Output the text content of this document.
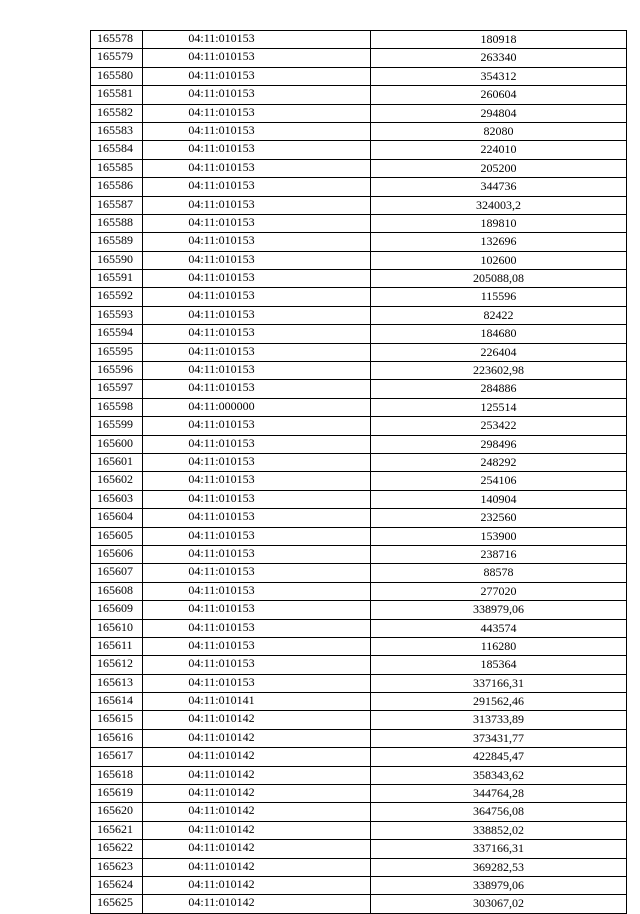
165578	04:11:010153	180918
165579	04:11:010153	263340
165580	04:11:010153	354312
165581	04:11:010153	260604
165582	04:11:010153	294804
165583	04:11:010153	82080
165584	04:11:010153	224010
165585	04:11:010153	205200
165586	04:11:010153	344736
165587	04:11:010153	324003,2
165588	04:11:010153	189810
165589	04:11:010153	132696
165590	04:11:010153	102600
165591	04:11:010153	205088,08
165592	04:11:010153	115596
165593	04:11:010153	82422
165594	04:11:010153	184680
165595	04:11:010153	226404
165596	04:11:010153	223602,98
165597	04:11:010153	284886
165598	04:11:000000	125514
165599	04:11:010153	253422
165600	04:11:010153	298496
165601	04:11:010153	248292
165602	04:11:010153	254106
165603	04:11:010153	140904
165604	04:11:010153	232560
165605	04:11:010153	153900
165606	04:11:010153	238716
165607	04:11:010153	88578
165608	04:11:010153	277020
165609	04:11:010153	338979,06
165610	04:11:010153	443574
165611	04:11:010153	116280
165612	04:11:010153	185364
165613	04:11:010153	337166,31
165614	04:11:010141	291562,46
165615	04:11:010142	313733,89
165616	04:11:010142	373431,77
165617	04:11:010142	422845,47
165618	04:11:010142	358343,62
165619	04:11:010142	344764,28
165620	04:11:010142	364756,08
165621	04:11:010142	338852,02
165622	04:11:010142	337166,31
165623	04:11:010142	369282,53
165624	04:11:010142	338979,06
165625	04:11:010142	303067,02
